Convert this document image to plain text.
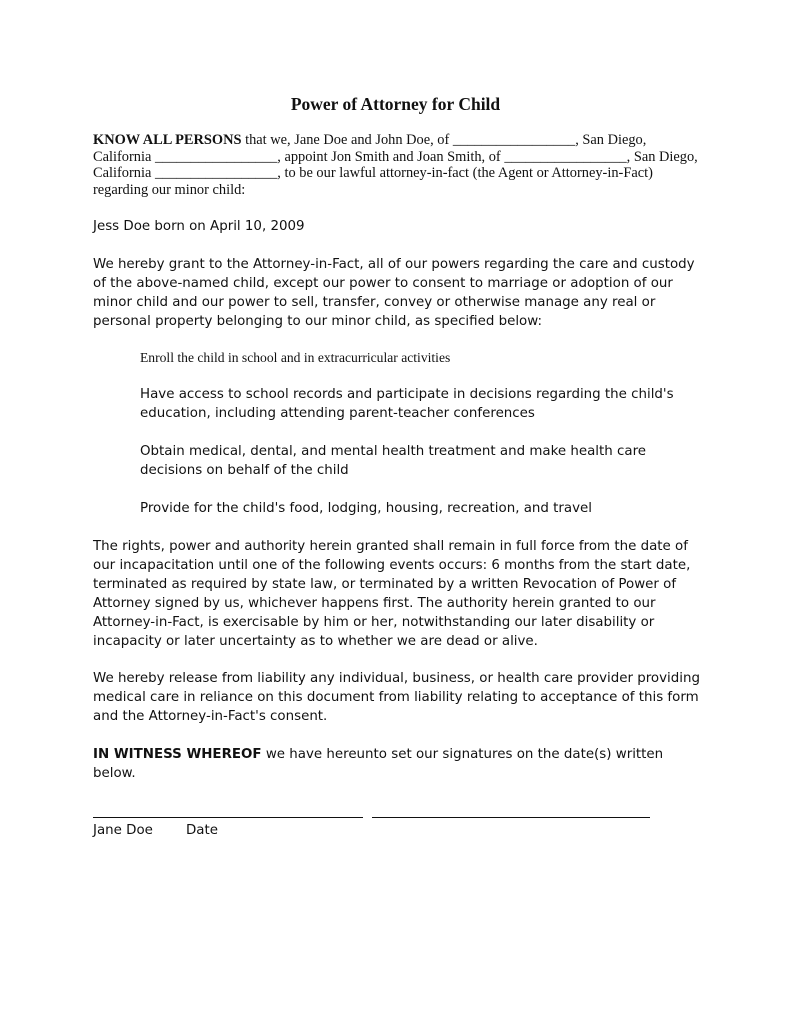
Power of Attorney for Child
KNOW ALL PERSONS that we, Jane Doe and John Doe, of _________________, San Diego, California _________________, appoint Jon Smith and Joan Smith, of _________________, San Diego, California _________________, to be our lawful attorney-in-fact (the Agent or Attorney-in-Fact) regarding our minor child:
Jess Doe born on April 10, 2009
We hereby grant to the Attorney-in-Fact, all of our powers regarding the care and custody of the above-named child, except our power to consent to marriage or adoption of our minor child and our power to sell, transfer, convey or otherwise manage any real or personal property belonging to our minor child, as specified below:

Enroll the child in school and in extracurricular activities

Have access to school records and participate in decisions regarding the child's education, including attending parent-teacher conferences

Obtain medical, dental, and mental health treatment and make health care decisions on behalf of the child

Provide for the child's food, lodging, housing, recreation, and travel

The rights, power and authority herein granted shall remain in full force from the date of our incapacitation until one of the following events occurs: 6 months from the start date, terminated as required by state law, or terminated by a written Revocation of Power of Attorney signed by us, whichever happens first. The authority herein granted to our Attorney-in-Fact, is exercisable by him or her, notwithstanding our later disability or incapacity or later uncertainty as to whether we are dead or alive.
We hereby release from liability any individual, business, or health care provider providing medical care in reliance on this document from liability relating to acceptance of this form and the Attorney-in-Fact's consent.
IN WITNESS WHEREOF we have hereunto set our signatures on the date(s) written below.
Jane Doe Date
